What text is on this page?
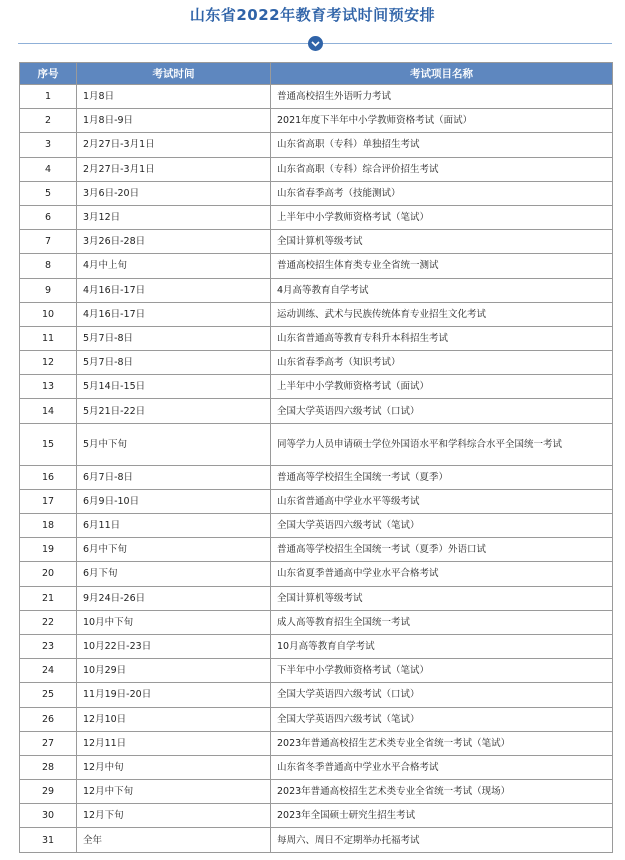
山东省2022年教育考试时间预安排
序号	考试时间	考试项目名称
1	1月8日	普通高校招生外语听力考试
2	1月8日-9日	2021年度下半年中小学教师资格考试（面试）
3	2月27日-3月1日	山东省高职（专科）单独招生考试
4	2月27日-3月1日	山东省高职（专科）综合评价招生考试
5	3月6日-20日	山东省春季高考（技能测试）
6	3月12日	上半年中小学教师资格考试（笔试）
7	3月26日-28日	全国计算机等级考试
8	4月中上旬	普通高校招生体育类专业全省统一测试
9	4月16日-17日	4月高等教育自学考试
10	4月16日-17日	运动训练、武术与民族传统体育专业招生文化考试
11	5月7日-8日	山东省普通高等教育专科升本科招生考试
12	5月7日-8日	山东省春季高考（知识考试）
13	5月14日-15日	上半年中小学教师资格考试（面试）
14	5月21日-22日	全国大学英语四六级考试（口试）
15	5月中下旬	同等学力人员申请硕士学位外国语水平和学科综合水平全国统一考试
16	6月7日-8日	普通高等学校招生全国统一考试（夏季）
17	6月9日-10日	山东省普通高中学业水平等级考试
18	6月11日	全国大学英语四六级考试（笔试）
19	6月中下旬	普通高等学校招生全国统一考试（夏季）外语口试
20	6月下旬	山东省夏季普通高中学业水平合格考试
21	9月24日-26日	全国计算机等级考试
22	10月中下旬	成人高等教育招生全国统一考试
23	10月22日-23日	10月高等教育自学考试
24	10月29日	下半年中小学教师资格考试（笔试）
25	11月19日-20日	全国大学英语四六级考试（口试）
26	12月10日	全国大学英语四六级考试（笔试）
27	12月11日	2023年普通高校招生艺术类专业全省统一考试（笔试）
28	12月中旬	山东省冬季普通高中学业水平合格考试
29	12月中下旬	2023年普通高校招生艺术类专业全省统一考试（现场）
30	12月下旬	2023年全国硕士研究生招生考试
31	全年	每周六、周日不定期举办托福考试
